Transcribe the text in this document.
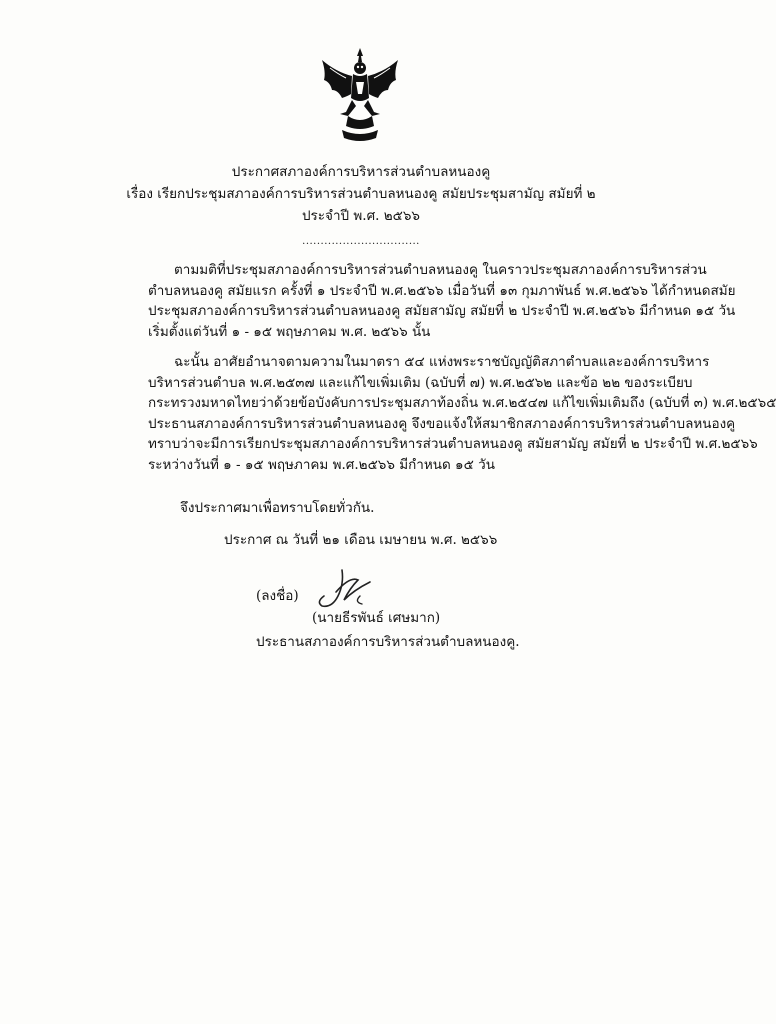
ประกาศสภาองค์การบริหารส่วนตำบลหนองคู
เรื่อง เรียกประชุมสภาองค์การบริหารส่วนตำบลหนองคู สมัยประชุมสามัญ สมัยที่ ๒
ประจำปี พ.ศ. ๒๕๖๖
................................
ตามมติที่ประชุมสภาองค์การบริหารส่วนตำบลหนองคู ในคราวประชุมสภาองค์การบริหารส่วน
ตำบลหนองคู สมัยแรก ครั้งที่ ๑ ประจำปี พ.ศ.๒๕๖๖ เมื่อวันที่ ๑๓ กุมภาพันธ์ พ.ศ.๒๕๖๖ ได้กำหนดสมัย
ประชุมสภาองค์การบริหารส่วนตำบลหนองคู สมัยสามัญ สมัยที่ ๒ ประจำปี พ.ศ.๒๕๖๖ มีกำหนด ๑๕ วัน
เริ่มตั้งแต่วันที่ ๑ - ๑๕ พฤษภาคม พ.ศ. ๒๕๖๖ นั้น
ฉะนั้น อาศัยอำนาจตามความในมาตรา ๕๔ แห่งพระราชบัญญัติสภาตำบลและองค์การบริหาร
บริหารส่วนตำบล พ.ศ.๒๕๓๗ และแก้ไขเพิ่มเติม (ฉบับที่ ๗) พ.ศ.๒๕๖๒ และข้อ ๒๒ ของระเบียบ
กระทรวงมหาดไทยว่าด้วยข้อบังคับการประชุมสภาท้องถิ่น พ.ศ.๒๕๔๗ แก้ไขเพิ่มเติมถึง (ฉบับที่ ๓) พ.ศ.๒๕๖๕
ประธานสภาองค์การบริหารส่วนตำบลหนองคู จึงขอแจ้งให้สมาชิกสภาองค์การบริหารส่วนตำบลหนองคู
ทราบว่าจะมีการเรียกประชุมสภาองค์การบริหารส่วนตำบลหนองคู สมัยสามัญ สมัยที่ ๒ ประจำปี พ.ศ.๒๕๖๖
ระหว่างวันที่ ๑ - ๑๕ พฤษภาคม พ.ศ.๒๕๖๖ มีกำหนด ๑๕ วัน
จึงประกาศมาเพื่อทราบโดยทั่วกัน.
ประกาศ ณ วันที่ ๒๑ เดือน เมษายน พ.ศ. ๒๕๖๖
(ลงชื่อ)
(นายธีรพันธ์ เศษมาก)
ประธานสภาองค์การบริหารส่วนตำบลหนองคู.
